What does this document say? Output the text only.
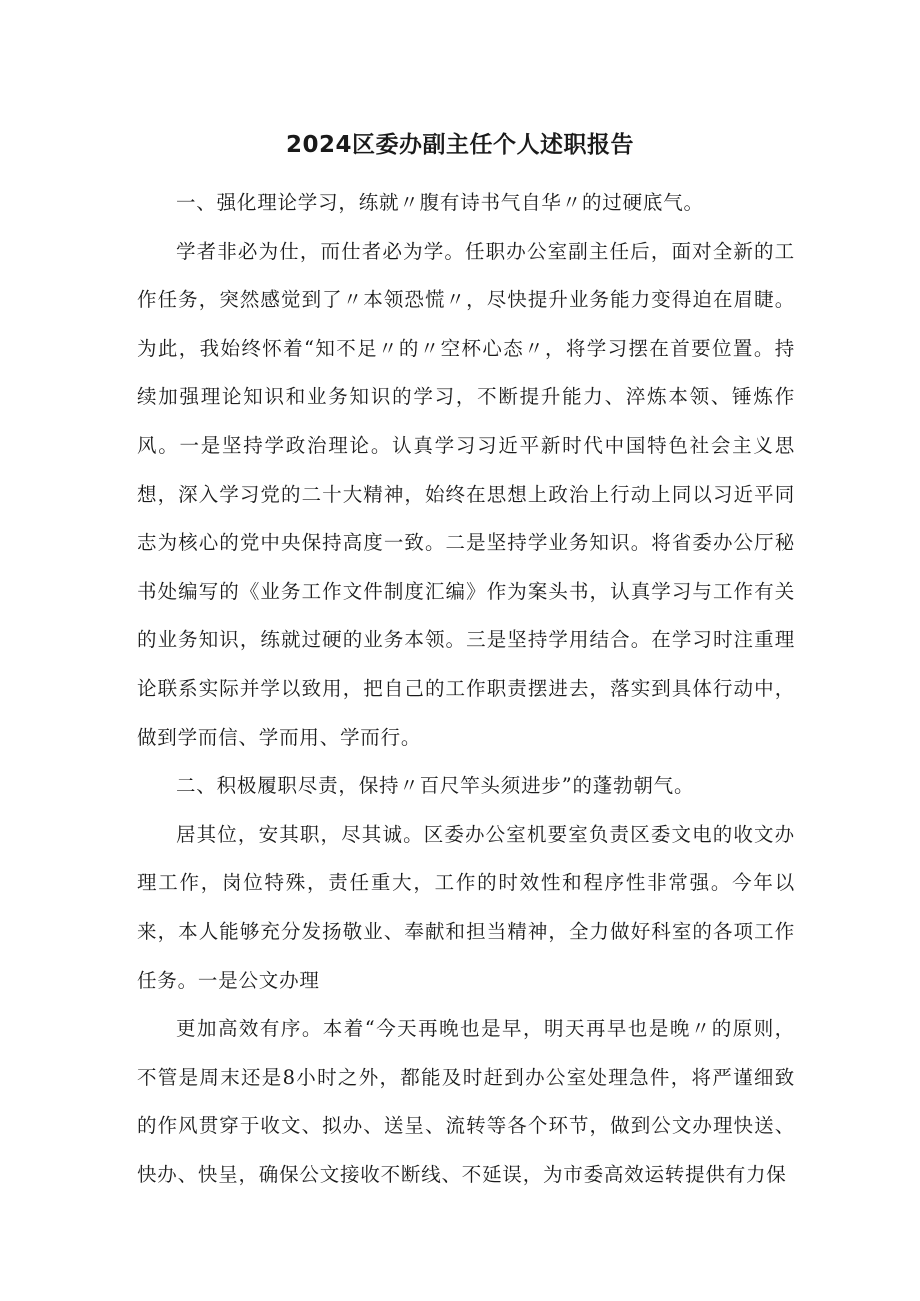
2024区委办副主任个人述职报告

一、强化理论学习，练就〃腹有诗书气自华〃的过硬底气。

学者非必为仕，而仕者必为学。任职办公室副主任后，面对全新的工作任务，突然感觉到了〃本领恐慌〃，尽快提升业务能力变得迫在眉睫。为此，我始终怀着“知不足〃的〃空杯心态〃，将学习摆在首要位置。持续加强理论知识和业务知识的学习，不断提升能力、淬炼本领、锤炼作风。一是坚持学政治理论。认真学习习近平新时代中国特色社会主义思想，深入学习党的二十大精神，始终在思想上政治上行动上同以习近平同志为核心的党中央保持高度一致。二是坚持学业务知识。将省委办公厅秘书处编写的《业务工作文件制度汇编》作为案头书，认真学习与工作有关的业务知识，练就过硬的业务本领。三是坚持学用结合。在学习时注重理论联系实际并学以致用，把自己的工作职责摆进去，落实到具体行动中，做到学而信、学而用、学而行。

二、积极履职尽责，保持〃百尺竿头须进步”的蓬勃朝气。

居其位，安其职，尽其诚。区委办公室机要室负责区委文电的收文办理工作，岗位特殊，责任重大，工作的时效性和程序性非常强。今年以来，本人能够充分发扬敬业、奉献和担当精神，全力做好科室的各项工作任务。一是公文办理

更加高效有序。本着“今天再晚也是早，明天再早也是晚〃的原则，不管是周末还是8小时之外，都能及时赶到办公室处理急件，将严谨细致的作风贯穿于收文、拟办、送呈、流转等各个环节，做到公文办理快送、快办、快呈，确保公文接收不断线、不延误，为市委高效运转提供有力保
